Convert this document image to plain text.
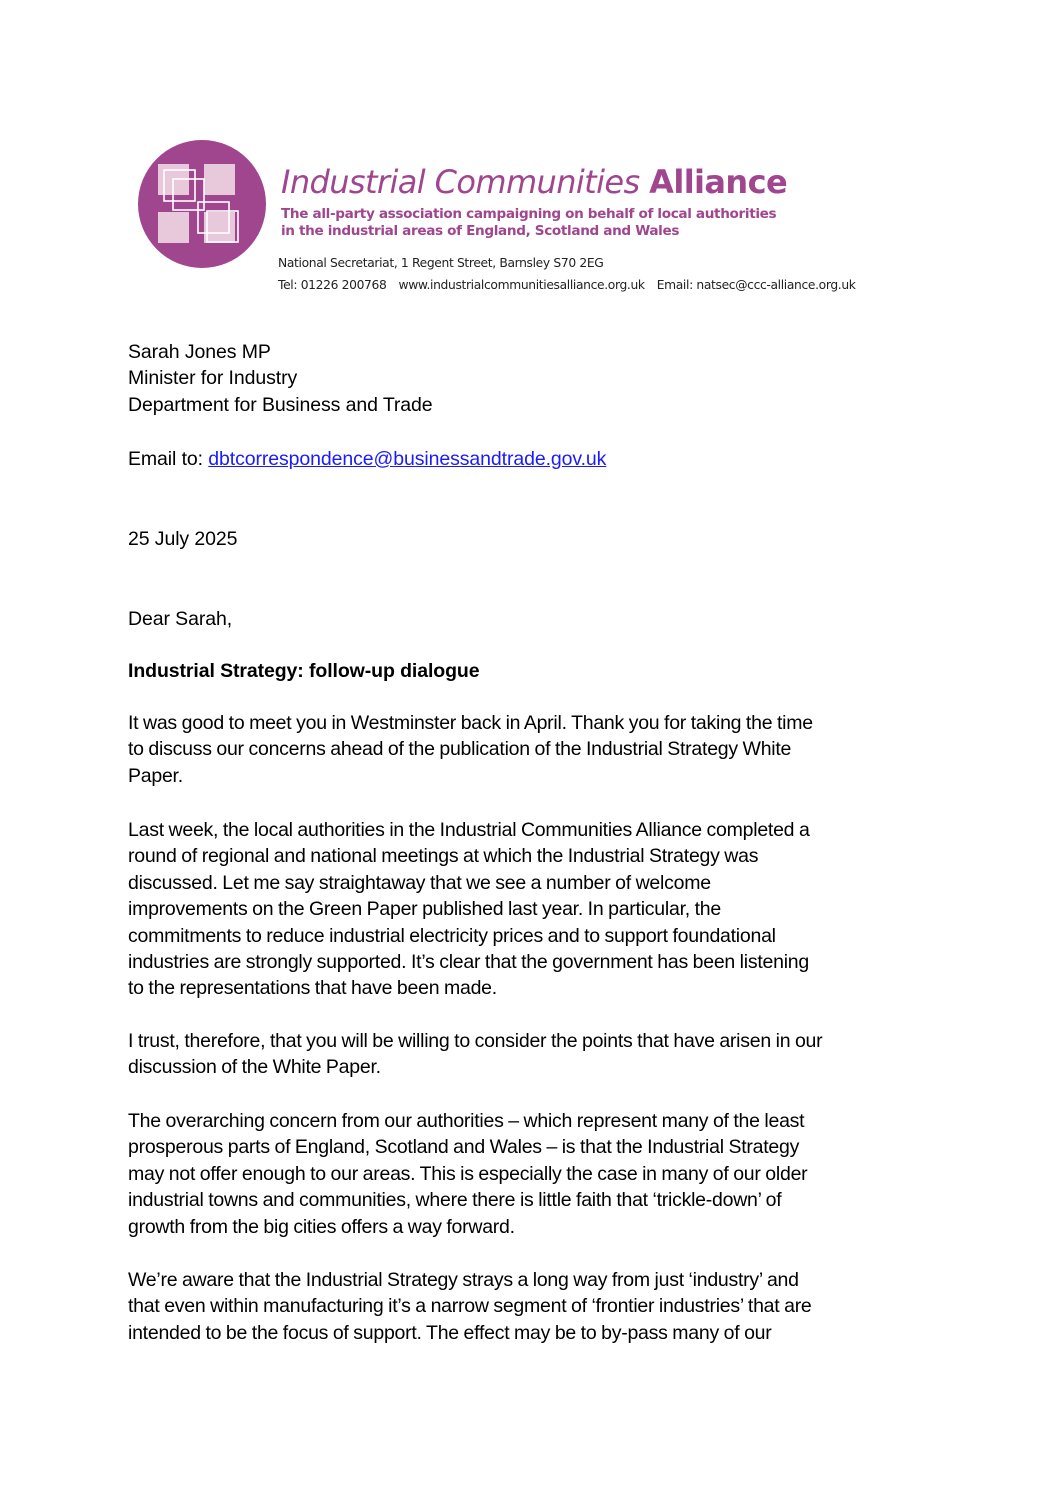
Industrial Communities Alliance
The all-party association campaigning on behalf of local authorities
in the industrial areas of England, Scotland and Wales
National Secretariat, 1 Regent Street, Barnsley S70 2EG
Tel: 01226 200768 www.industrialcommunitiesalliance.org.uk Email: natsec@ccc-alliance.org.uk

Sarah Jones MP

Minister for Industry

Department for Business and Trade

Email to: dbtcorrespondence@businessandtrade.gov.uk
25 July 2025
Dear Sarah,
Industrial Strategy: follow-up dialogue

It was good to meet you in Westminster back in April. Thank you for taking the time

to discuss our concerns ahead of the publication of the Industrial Strategy White

Paper.

Last week, the local authorities in the Industrial Communities Alliance completed a

round of regional and national meetings at which the Industrial Strategy was

discussed. Let me say straightaway that we see a number of welcome

improvements on the Green Paper published last year. In particular, the

commitments to reduce industrial electricity prices and to support foundational

industries are strongly supported. It’s clear that the government has been listening

to the representations that have been made.

I trust, therefore, that you will be willing to consider the points that have arisen in our

discussion of the White Paper.

The overarching concern from our authorities – which represent many of the least

prosperous parts of England, Scotland and Wales – is that the Industrial Strategy

may not offer enough to our areas. This is especially the case in many of our older

industrial towns and communities, where there is little faith that ‘trickle-down’ of

growth from the big cities offers a way forward.

We’re aware that the Industrial Strategy strays a long way from just ‘industry’ and

that even within manufacturing it’s a narrow segment of ‘frontier industries’ that are

intended to be the focus of support. The effect may be to by-pass many of our
